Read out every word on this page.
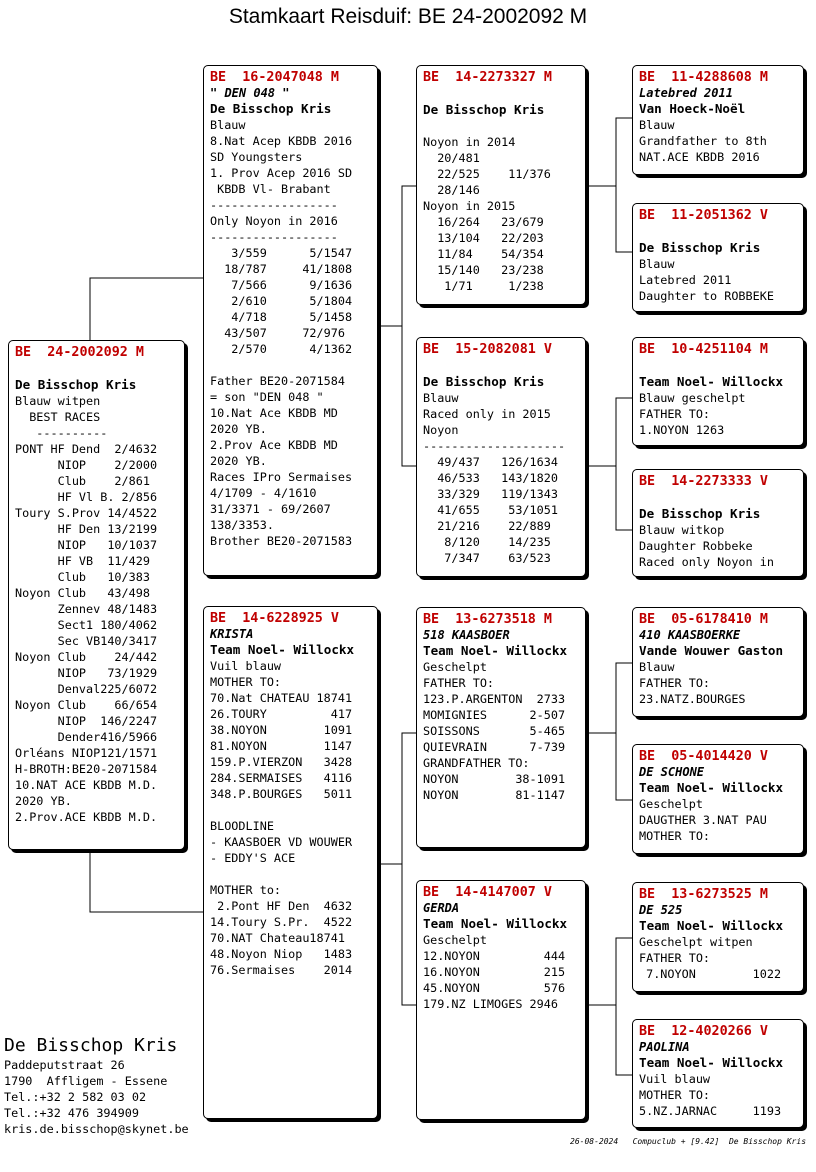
Stamkaart Reisduif: BE 24-2002092 M
BE  24-2002092 M
De Bisschop Kris
Blauw witpen
BEST RACES
----------
PONT HF Dend  2/4632
NIOP    2/2000
Club    2/861
HF Vl B. 2/856
Toury S.Prov 14/4522
HF Den 13/2199
NIOP   10/1037
HF VB  11/429
Club   10/383
Noyon Club   43/498
Zennev 48/1483
Sect1 180/4062
Sec VB140/3417
Noyon Club    24/442
NIOP   73/1929
Denval225/6072
Noyon Club    66/654
NIOP  146/2247
Dender416/5966
Orléans NIOP121/1571
H-BROTH:BE20-2071584
10.NAT ACE KBDB M.D.
2020 YB.
2.Prov.ACE KBDB M.D.
BE  16-2047048 M
" DEN 048 "
De Bisschop Kris
Blauw
8.Nat Acep KBDB 2016
SD Youngsters
1. Prov Acep 2016 SD
KBDB Vl- Brabant
------------------
Only Noyon in 2016
------------------
3/559      5/1547
18/787     41/1808
7/566      9/1636
2/610      5/1804
4/718      5/1458
43/507     72/976
2/570      4/1362

Father BE20-2071584
= son "DEN 048 "
10.Nat Ace KBDB MD
2020 YB.
2.Prov Ace KBDB MD
2020 YB.
Races IPro Sermaises
4/1709 - 4/1610
31/3371 - 69/2607
138/3353.
Brother BE20-2071583
BE  14-6228925 V
KRISTA
Team Noel- Willockx
Vuil blauw
MOTHER TO:
70.Nat CHATEAU 18741
26.TOURY         417
38.NOYON        1091
81.NOYON        1147
159.P.VIERZON   3428
284.SERMAISES   4116
348.P.BOURGES   5011

BLOODLINE
- KAASBOER VD WOUWER
- EDDY'S ACE

MOTHER to:
2.Pont HF Den  4632
14.Toury S.Pr.  4522
70.NAT Chateau18741
48.Noyon Niop   1483
76.Sermaises    2014
BE  14-2273327 M
De Bisschop Kris

Noyon in 2014
20/481
22/525    11/376
28/146
Noyon in 2015
16/264   23/679
13/104   22/203
11/84    54/354
15/140   23/238
1/71     1/238
BE  15-2082081 V
De Bisschop Kris
Blauw
Raced only in 2015
Noyon
--------------------
49/437   126/1634
46/533   143/1820
33/329   119/1343
41/655    53/1051
21/216    22/889
8/120    14/235
7/347    63/523
BE  13-6273518 M
518 KAASBOER
Team Noel- Willockx
Geschelpt
FATHER TO:
123.P.ARGENTON  2733
MOMIGNIES      2-507
SOISSONS       5-465
QUIEVRAIN      7-739
GRANDFATHER TO:
NOYON        38-1091
NOYON        81-1147
BE  14-4147007 V
GERDA
Team Noel- Willockx
Geschelpt
12.NOYON         444
16.NOYON         215
45.NOYON         576
179.NZ LIMOGES 2946
BE  11-4288608 M
Latebred 2011
Van Hoeck-Noël
Blauw
Grandfather to 8th
NAT.ACE KBDB 2016
BE  11-2051362 V
De Bisschop Kris
Blauw
Latebred 2011
Daughter to ROBBEKE
BE  10-4251104 M
Team Noel- Willockx
Blauw geschelpt
FATHER TO:
1.NOYON 1263
BE  14-2273333 V
De Bisschop Kris
Blauw witkop
Daughter Robbeke
Raced only Noyon in
BE  05-6178410 M
410 KAASBOERKE
Vande Wouwer Gaston
Blauw
FATHER TO:
23.NATZ.BOURGES
BE  05-4014420 V
DE SCHONE
Team Noel- Willockx
Geschelpt
DAUGTHER 3.NAT PAU
MOTHER TO:
BE  13-6273525 M
DE 525
Team Noel- Willockx
Geschelpt witpen
FATHER TO:
7.NOYON        1022
BE  12-4020266 V
PAOLINA
Team Noel- Willockx
Vuil blauw
MOTHER TO:
5.NZ.JARNAC     1193
De Bisschop Kris
Paddeputstraat 26
1790  Affligem - Essene
Tel.:+32 2 582 03 02
Tel.:+32 476 394909
kris.de.bisschop@skynet.be
26-08-2024   Compuclub + [9.42]  De Bisschop Kris
